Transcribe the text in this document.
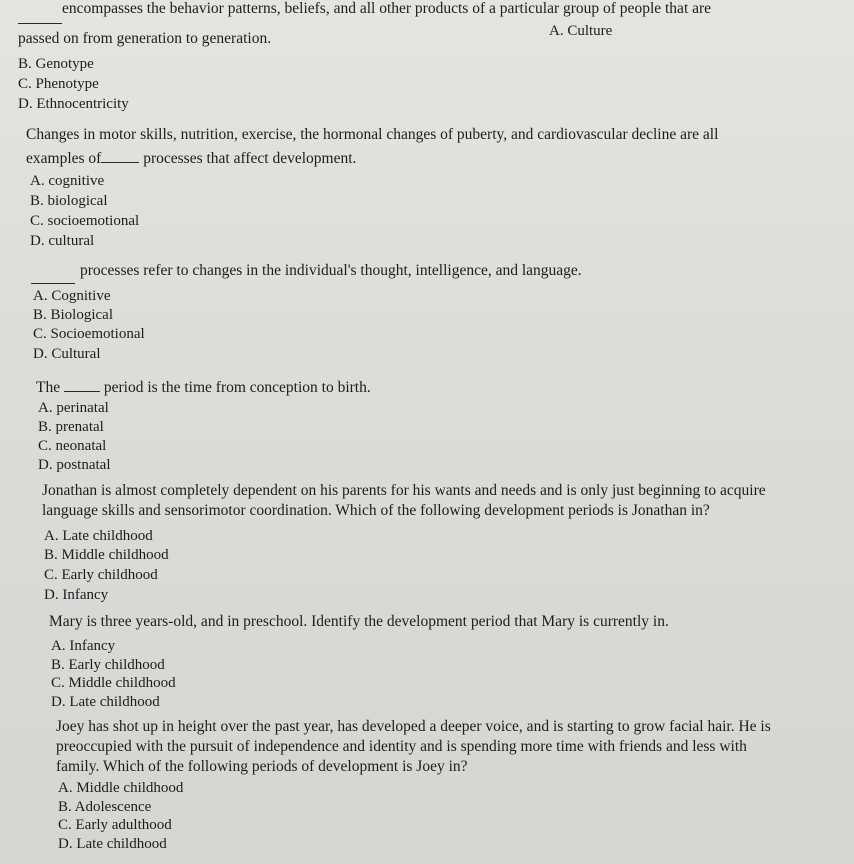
encompasses the behavior patterns, beliefs, and all other products of a particular group of people that are
passed on from generation to generation.	A. Culture
B. Genotype
C. Phenotype
D. Ethnocentricity
Changes in motor skills, nutrition, exercise, the hormonal changes of puberty, and cardiovascular decline are all
examples of	processes that affect development.
A. cognitive
B. biological
C. socioemotional
D. cultural
processes refer to changes in the individual's thought, intelligence, and language.
A. Cognitive
B. Biological
C. Socioemotional
D. Cultural
The	period is the time from conception to birth.
A. perinatal
B. prenatal
C. neonatal
D. postnatal
Jonathan is almost completely dependent on his parents for his wants and needs and is only just beginning to acquire
language skills and sensorimotor coordination. Which of the following development periods is Jonathan in?
A. Late childhood
B. Middle childhood
C. Early childhood
D. Infancy
Mary is three years-old, and in preschool. Identify the development period that Mary is currently in.
A. Infancy
B. Early childhood
C. Middle childhood
D. Late childhood
Joey has shot up in height over the past year, has developed a deeper voice, and is starting to grow facial hair. He is
preoccupied with the pursuit of independence and identity and is spending more time with friends and less with
family. Which of the following periods of development is Joey in?
A. Middle childhood
B. Adolescence
C. Early adulthood
D. Late childhood
